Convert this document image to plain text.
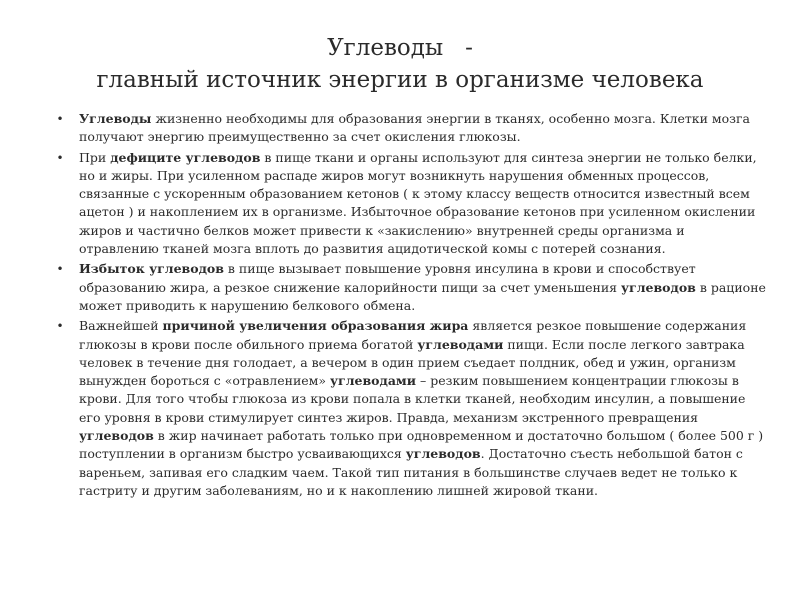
Углеводы   -
главный источник энергии в организме человека
• Углеводы жизненно необходимы для образования энергии в тканях, особенно мозга. Клетки мозга получают энергию преимущественно за счет окисления глюкозы.
• При дефиците углеводов в пище ткани и органы используют для синтеза энергии не только белки, но и жиры. При усиленном распаде жиров могут возникнуть нарушения обменных процессов, связанные с ускоренным образованием кетонов ( к этому классу веществ относится известный всем ацетон ) и накоплением их в организме. Избыточное образование кетонов при усиленном окислении жиров и частично белков может привести к «закислению» внутренней среды организма и отравлению тканей мозга вплоть до развития ацидотической комы с потерей сознания.
• Избыток углеводов в пище вызывает повышение уровня инсулина в крови и способствует образованию жира, а резкое снижение калорийности пищи за счет уменьшения углеводов в рационе может приводить к нарушению белкового обмена.
• Важнейшей причиной увеличения образования жира является резкое повышение содержания глюкозы в крови после обильного приема богатой углеводами пищи. Если после легкого завтрака человек в течение дня голодает, а вечером в один прием съедает полдник, обед и ужин, организм вынужден бороться с «отравлением» углеводами – резким повышением концентрации глюкозы в крови. Для того чтобы глюкоза из крови попала в клетки тканей, необходим инсулин, а повышение его уровня в крови стимулирует синтез жиров. Правда, механизм экстренного превращения углеводов в жир начинает работать только при одновременном и достаточно большом ( более 500 г ) поступлении в организм быстро усваивающихся углеводов. Достаточно съесть небольшой батон с вареньем, запивая его сладким чаем. Такой тип питания в большинстве случаев ведет не только к гастриту и другим заболеваниям, но и к накоплению лишней жировой ткани.
